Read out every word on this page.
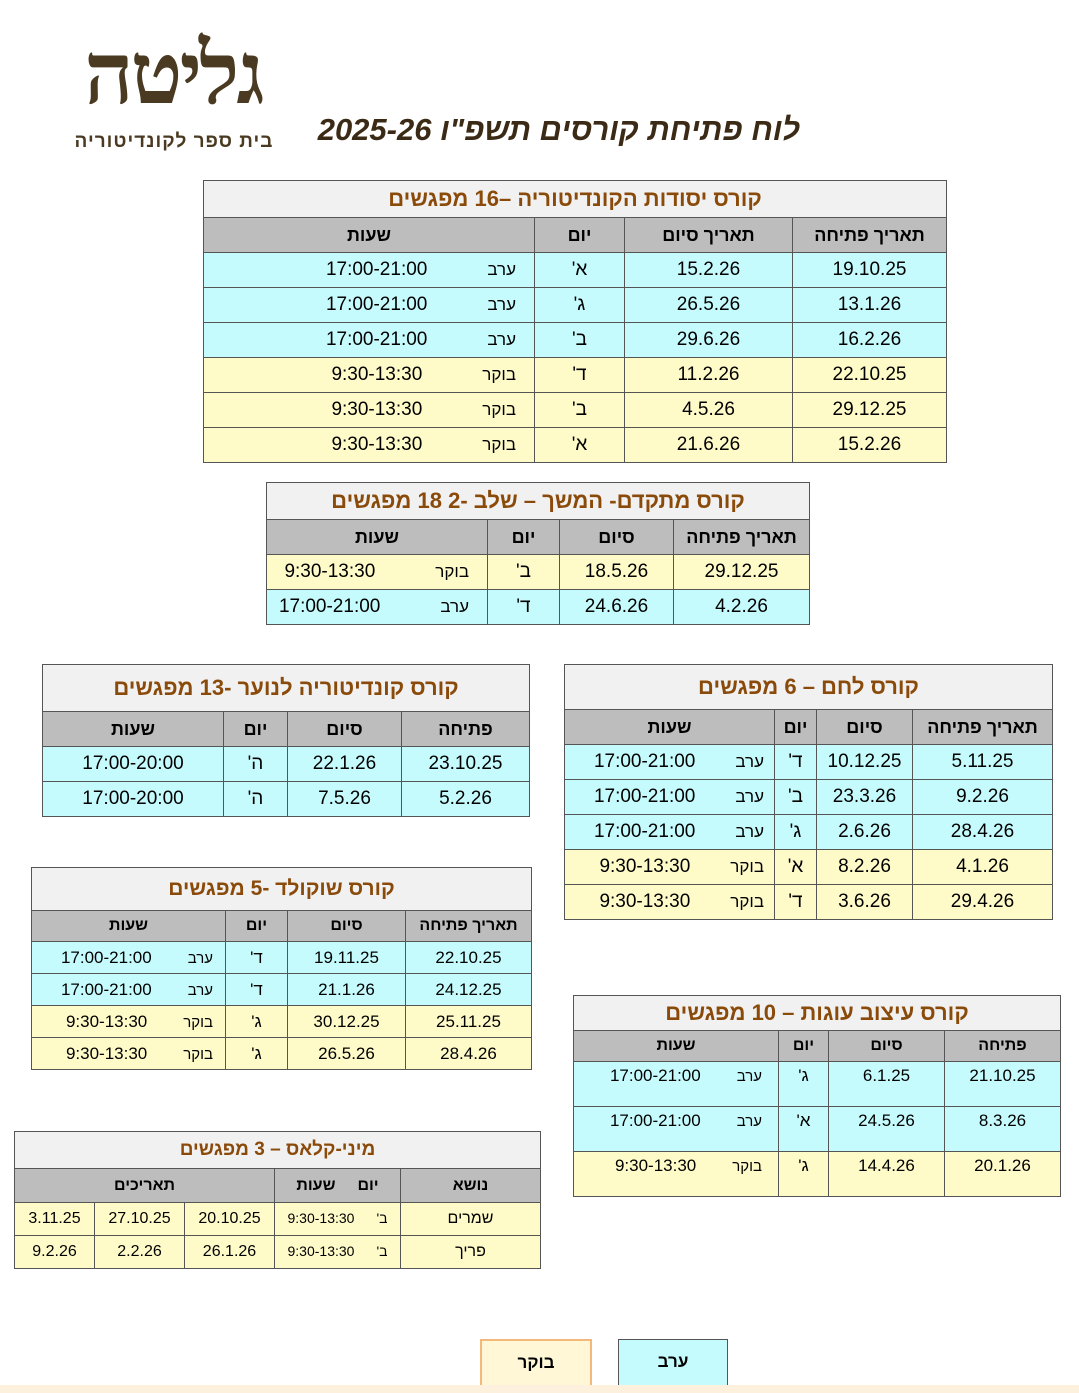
גליטה
בית ספר לקונדיטוריה	לוח פתיחת קורסים תשפ"ו 2025-26
קורס יסודות הקונדיטוריה –16 מפגשים
תאריך פתיחה	תאריך סיום	יום	שעות
19.10.25	15.2.26	א'	ערב17:00-21:00
13.1.26	26.5.26	ג'	ערב17:00-21:00
16.2.26	29.6.26	ב'	ערב17:00-21:00
22.10.25	11.2.26	ד'	בוקר9:30-13:30
29.12.25	4.5.26	ב'	בוקר9:30-13:30
15.2.26	21.6.26	א'	בוקר9:30-13:30
קורס מתקדם- המשך – שלב -2 18 מפגשים
תאריך פתיחה	סיום	יום	שעות
29.12.25	18.5.26	ב'	בוקר9:30-13:30
4.2.26	24.6.26	ד'	ערב17:00-21:00
קורס קונדיטוריה לנוער -13 מפגשים
פתיחה	סיום	יום	שעות
23.10.25	22.1.26	ה'	17:00-20:00
5.2.26	7.5.26	ה'	17:00-20:00
קורס לחם – 6 מפגשים
תאריך פתיחה	סיום	יום	שעות
5.11.25	10.12.25	ד'	ערב17:00-21:00
9.2.26	23.3.26	ב'	ערב17:00-21:00
28.4.26	2.6.26	ג'	ערב17:00-21:00
4.1.26	8.2.26	א'	בוקר9:30-13:30
29.4.26	3.6.26	ד'	בוקר9:30-13:30
קורס שוקולד -5 מפגשים
תאריך פתיחה	סיום	יום	שעות
22.10.25	19.11.25	ד'	ערב17:00-21:00
24.12.25	21.1.26	ד'	ערב17:00-21:00
25.11.25	30.12.25	ג'	בוקר9:30-13:30
28.4.26	26.5.26	ג'	בוקר9:30-13:30
קורס עיצוב עוגות – 10 מפגשים
פתיחה	סיום	יום	שעות
21.10.25	6.1.25	ג'	ערב17:00-21:00
8.3.26	24.5.26	א'	ערב17:00-21:00
20.1.26	14.4.26	ג'	בוקר9:30-13:30
מיני-קלאס – 3 מפגשים
נושא	יוםשעות	תאריכים		
שמרים	ב'9:30-13:30	20.10.25	27.10.25	3.11.25
פריך	ב'9:30-13:30	26.1.26	2.2.26	9.2.26
ערב
בוקר
